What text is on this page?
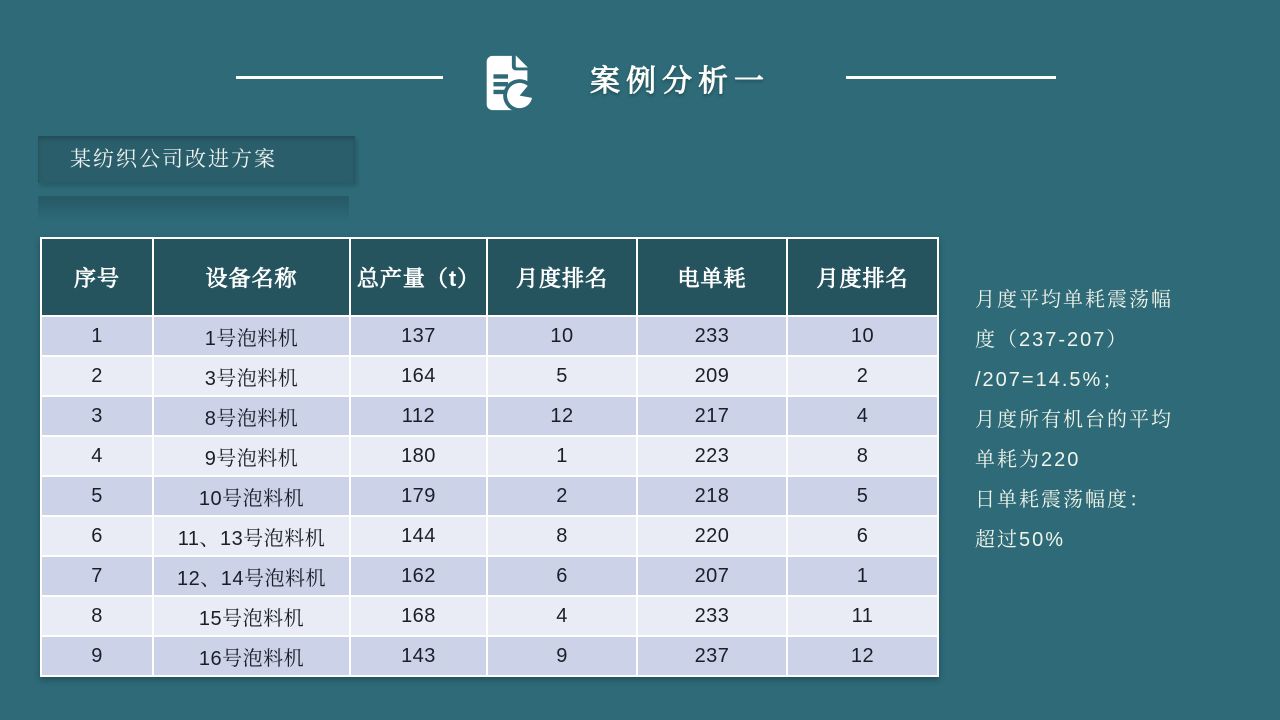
案例分析一
某纺织公司改进方案
序号	设备名称	总产量（t）	月度排名	电单耗	月度排名
1	1号泡料机	137	10	233	10
2	3号泡料机	164	5	209	2
3	8号泡料机	112	12	217	4
4	9号泡料机	180	1	223	8
5	10号泡料机	179	2	218	5
6	11、13号泡料机	144	8	220	6
7	12、14号泡料机	162	6	207	1
8	15号泡料机	168	4	233	11
9	16号泡料机	143	9	237	12
月度平均单耗震荡幅
度（237-207）
/207=14.5%；
月度所有机台的平均
单耗为220
日单耗震荡幅度：
超过50%
